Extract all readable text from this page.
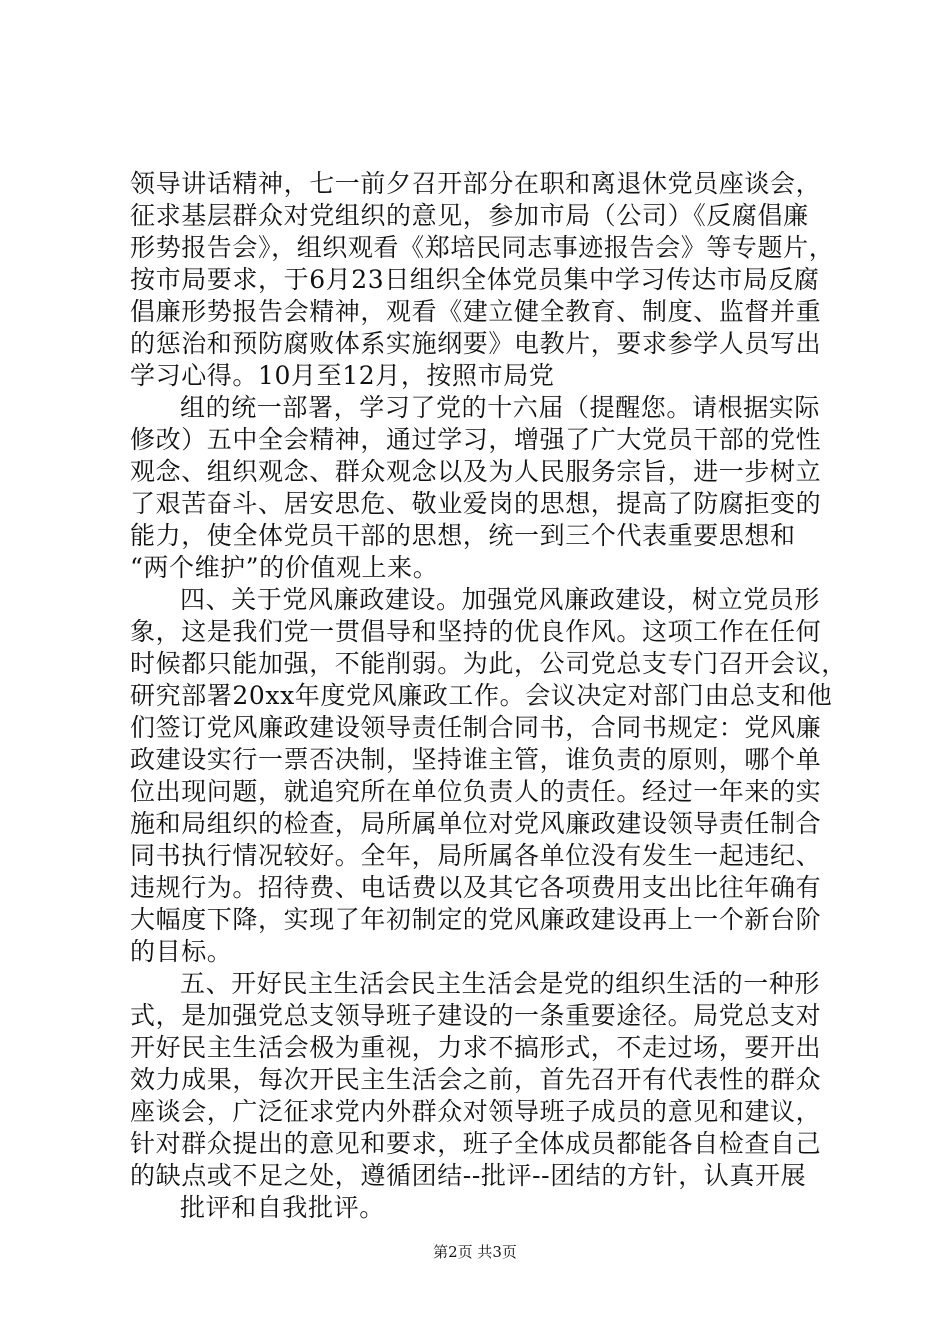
领导讲话精神，七一前夕召开部分在职和离退休党员座谈会，
征求基层群众对党组织的意见，参加市局（公司）《反腐倡廉
形势报告会》，组织观看《郑培民同志事迹报告会》等专题片，
按市局要求，于6月23日组织全体党员集中学习传达市局反腐
倡廉形势报告会精神，观看《建立健全教育、制度、监督并重
的惩治和预防腐败体系实施纲要》电教片，要求参学人员写出
学习心得。10月至12月，按照市局党
组的统一部署，学习了党的十六届（提醒您。请根据实际
修改）五中全会精神，通过学习，增强了广大党员干部的党性
观念、组织观念、群众观念以及为人民服务宗旨，进一步树立
了艰苦奋斗、居安思危、敬业爱岗的思想，提高了防腐拒变的
能力，使全体党员干部的思想，统一到三个代表重要思想和
“两个维护”的价值观上来。
四、关于党风廉政建设。加强党风廉政建设，树立党员形
象，这是我们党一贯倡导和坚持的优良作风。这项工作在任何
时候都只能加强，不能削弱。为此，公司党总支专门召开会议，
研究部署20xx年度党风廉政工作。会议决定对部门由总支和他
们签订党风廉政建设领导责任制合同书，合同书规定：党风廉
政建设实行一票否决制，坚持谁主管，谁负责的原则，哪个单
位出现问题，就追究所在单位负责人的责任。经过一年来的实
施和局组织的检查，局所属单位对党风廉政建设领导责任制合
同书执行情况较好。全年，局所属各单位没有发生一起违纪、
违规行为。招待费、电话费以及其它各项费用支出比往年确有
大幅度下降，实现了年初制定的党风廉政建设再上一个新台阶
的目标。
五、开好民主生活会民主生活会是党的组织生活的一种形
式，是加强党总支领导班子建设的一条重要途径。局党总支对
开好民主生活会极为重视，力求不搞形式，不走过场，要开出
效力成果，每次开民主生活会之前，首先召开有代表性的群众
座谈会，广泛征求党内外群众对领导班子成员的意见和建议，
针对群众提出的意见和要求，班子全体成员都能各自检查自己
的缺点或不足之处，遵循团结--批评--团结的方针，认真开展
批评和自我批评。
第2页 共3页
